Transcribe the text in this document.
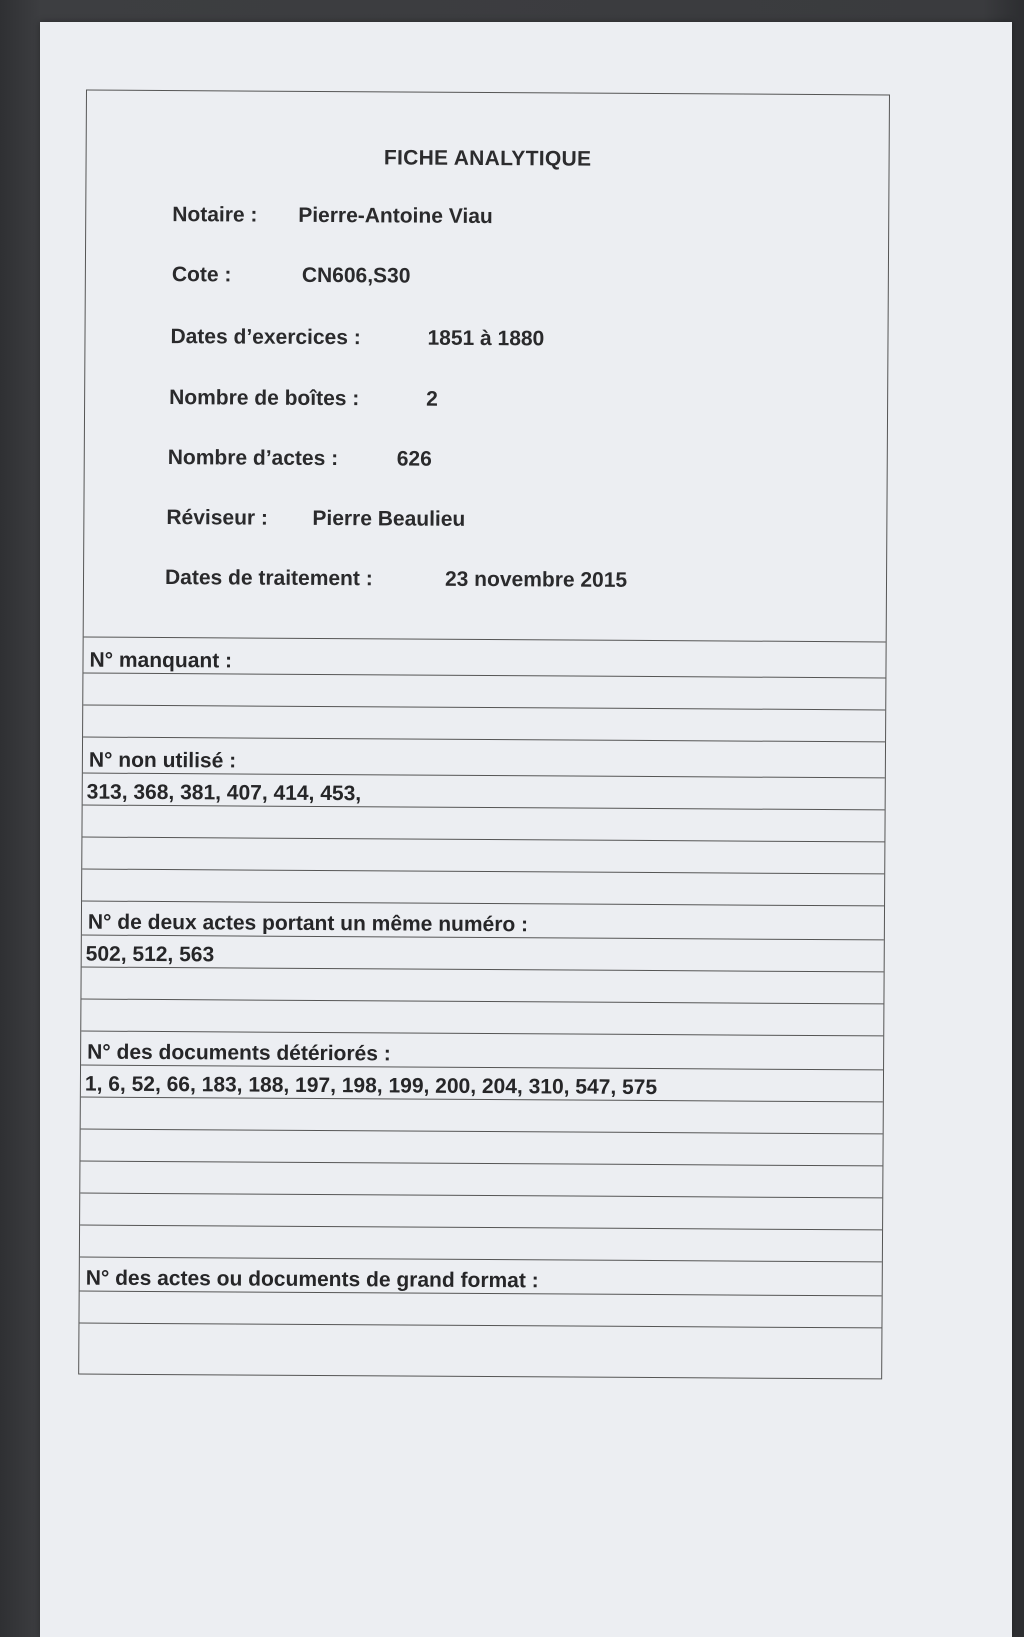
FICHE ANALYTIQUE
Notaire : Pierre-Antoine Viau
Cote :	CN606,S30
Dates d’exercices :	1851 à 1880
Nombre de boîtes :	2
Nombre d’actes :	626
Réviseur : Pierre Beaulieu
Dates de traitement :	23 novembre 2015
N° manquant :
N° non utilisé :
313, 368, 381, 407, 414, 453,
N° de deux actes portant un même numéro :
502, 512, 563
N° des documents détériorés :
1, 6, 52, 66, 183, 188, 197, 198, 199, 200, 204, 310, 547, 575
N° des actes ou documents de grand format :
